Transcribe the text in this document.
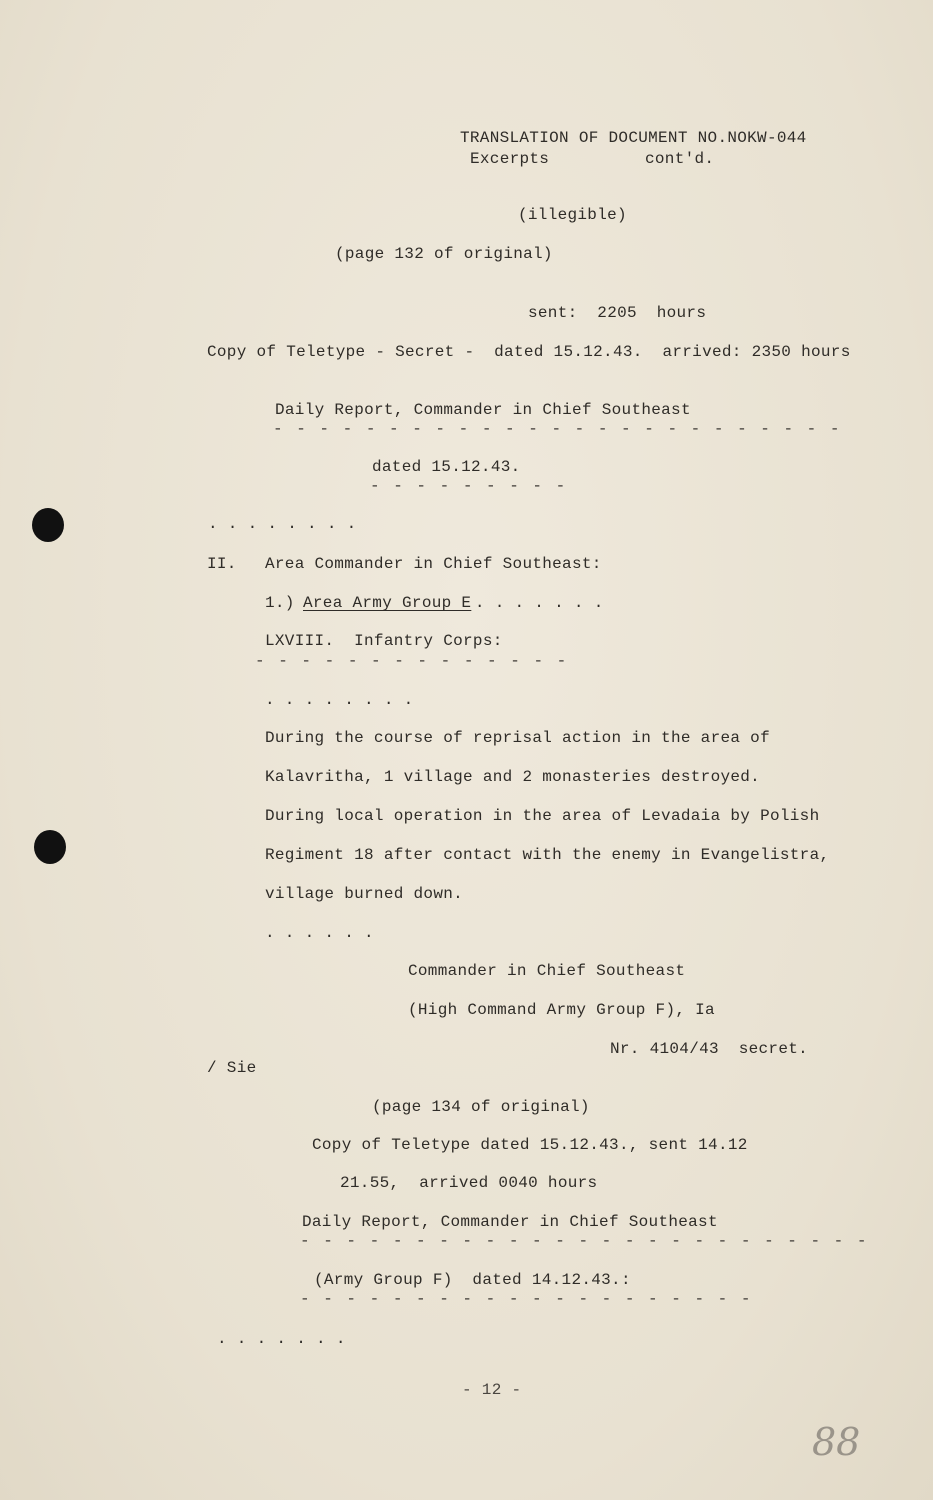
TRANSLATION OF DOCUMENT NO.NOKW-044
Excerpts	cont'd.
(illegible)
(page 132 of original)
sent:  2205  hours
Copy of Teletype - Secret -  dated 15.12.43.  arrived: 2350 hours
Daily Report, Commander in Chief Southeast
- - - - - - - - - - - - - - - - - - - - - - - - -
dated 15.12.43.
- - - - - - - - -
. . . . . . . .
II. Area Commander in Chief Southeast:
1.) Area Army Group E
. . . . . . .
LXVIII.  Infantry Corps:
- - - - - - - - - - - - - -
. . . . . . . .
During the course of reprisal action in the area of
Kalavritha, 1 village and 2 monasteries destroyed.
During local operation in the area of Levadaia by Polish
Regiment 18 after contact with the enemy in Evangelistra,
village burned down.
. . . . . .
Commander in Chief Southeast
(High Command Army Group F), Ia
Nr. 4104/43  secret.
/ Sie
(page 134 of original)
Copy of Teletype dated 15.12.43., sent 14.12
21.55,  arrived 0040 hours
Daily Report, Commander in Chief Southeast
- - - - - - - - - - - - - - - - - - - - - - - - -
(Army Group F)  dated 14.12.43.:
- - - - - - - - - - - - - - - - - - - -
. . . . . . .
- 12 -
88
